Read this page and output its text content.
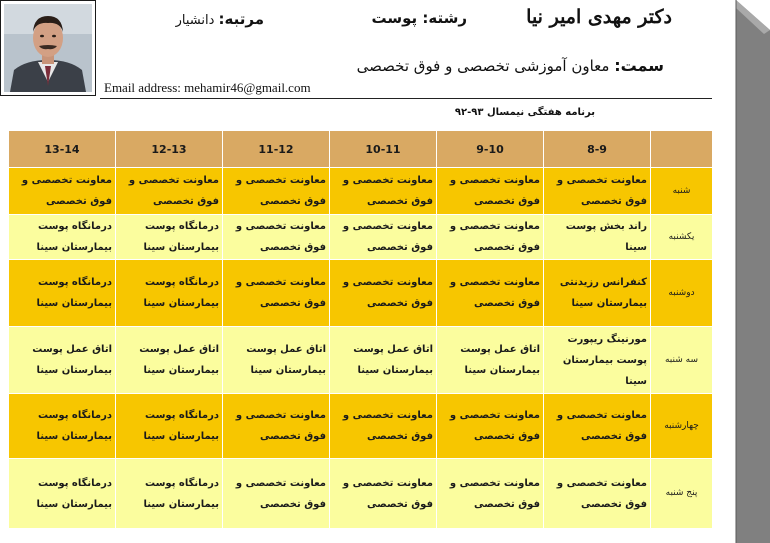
دکتر مهدی امیر نیا
رشته: پوست
مرتبه: دانشیار
سمت: معاون آموزشی تخصصی و فوق تخصصی
Email address: mehamir46@gmail.com
برنامه هفتگی نیمسال ۹۳-۹۲
	8-9	9-10	10-11	11-12	12-13	13-14
شنبه	معاونت تخصصی و فوق تخصصی	معاونت تخصصی و فوق تخصصی	معاونت تخصصی و فوق تخصصی	معاونت تخصصی و فوق تخصصی	معاونت تخصصی و فوق تخصصی	معاونت تخصصی و فوق تخصصی
یکشنبه	راند بخش پوست سینا	معاونت تخصصی و فوق تخصصی	معاونت تخصصی و فوق تخصصی	معاونت تخصصی و فوق تخصصی	درمانگاه پوست بیمارستان سینا	درمانگاه پوست بیمارستان سینا
دوشنبه	کنفرانس رزیدنتی بیمارستان سینا	معاونت تخصصی و فوق تخصصی	معاونت تخصصی و فوق تخصصی	معاونت تخصصی و فوق تخصصی	درمانگاه پوست بیمارستان سینا	درمانگاه پوست بیمارستان سینا
سه شنبه	مورنینگ ریپورت پوست بیمارستان سینا	اتاق عمل پوست بیمارستان سینا	اتاق عمل پوست بیمارستان سینا	اتاق عمل پوست بیمارستان سینا	اتاق عمل پوست بیمارستان سینا	اتاق عمل پوست بیمارستان سینا
چهارشنبه	معاونت تخصصی و فوق تخصصی	معاونت تخصصی و فوق تخصصی	معاونت تخصصی و فوق تخصصی	معاونت تخصصی و فوق تخصصی	درمانگاه پوست بیمارستان سینا	درمانگاه پوست بیمارستان سینا
پنج شنبه	معاونت تخصصی و فوق تخصصی	معاونت تخصصی و فوق تخصصی	معاونت تخصصی و فوق تخصصی	معاونت تخصصی و فوق تخصصی	درمانگاه پوست بیمارستان سینا	درمانگاه پوست بیمارستان سینا
